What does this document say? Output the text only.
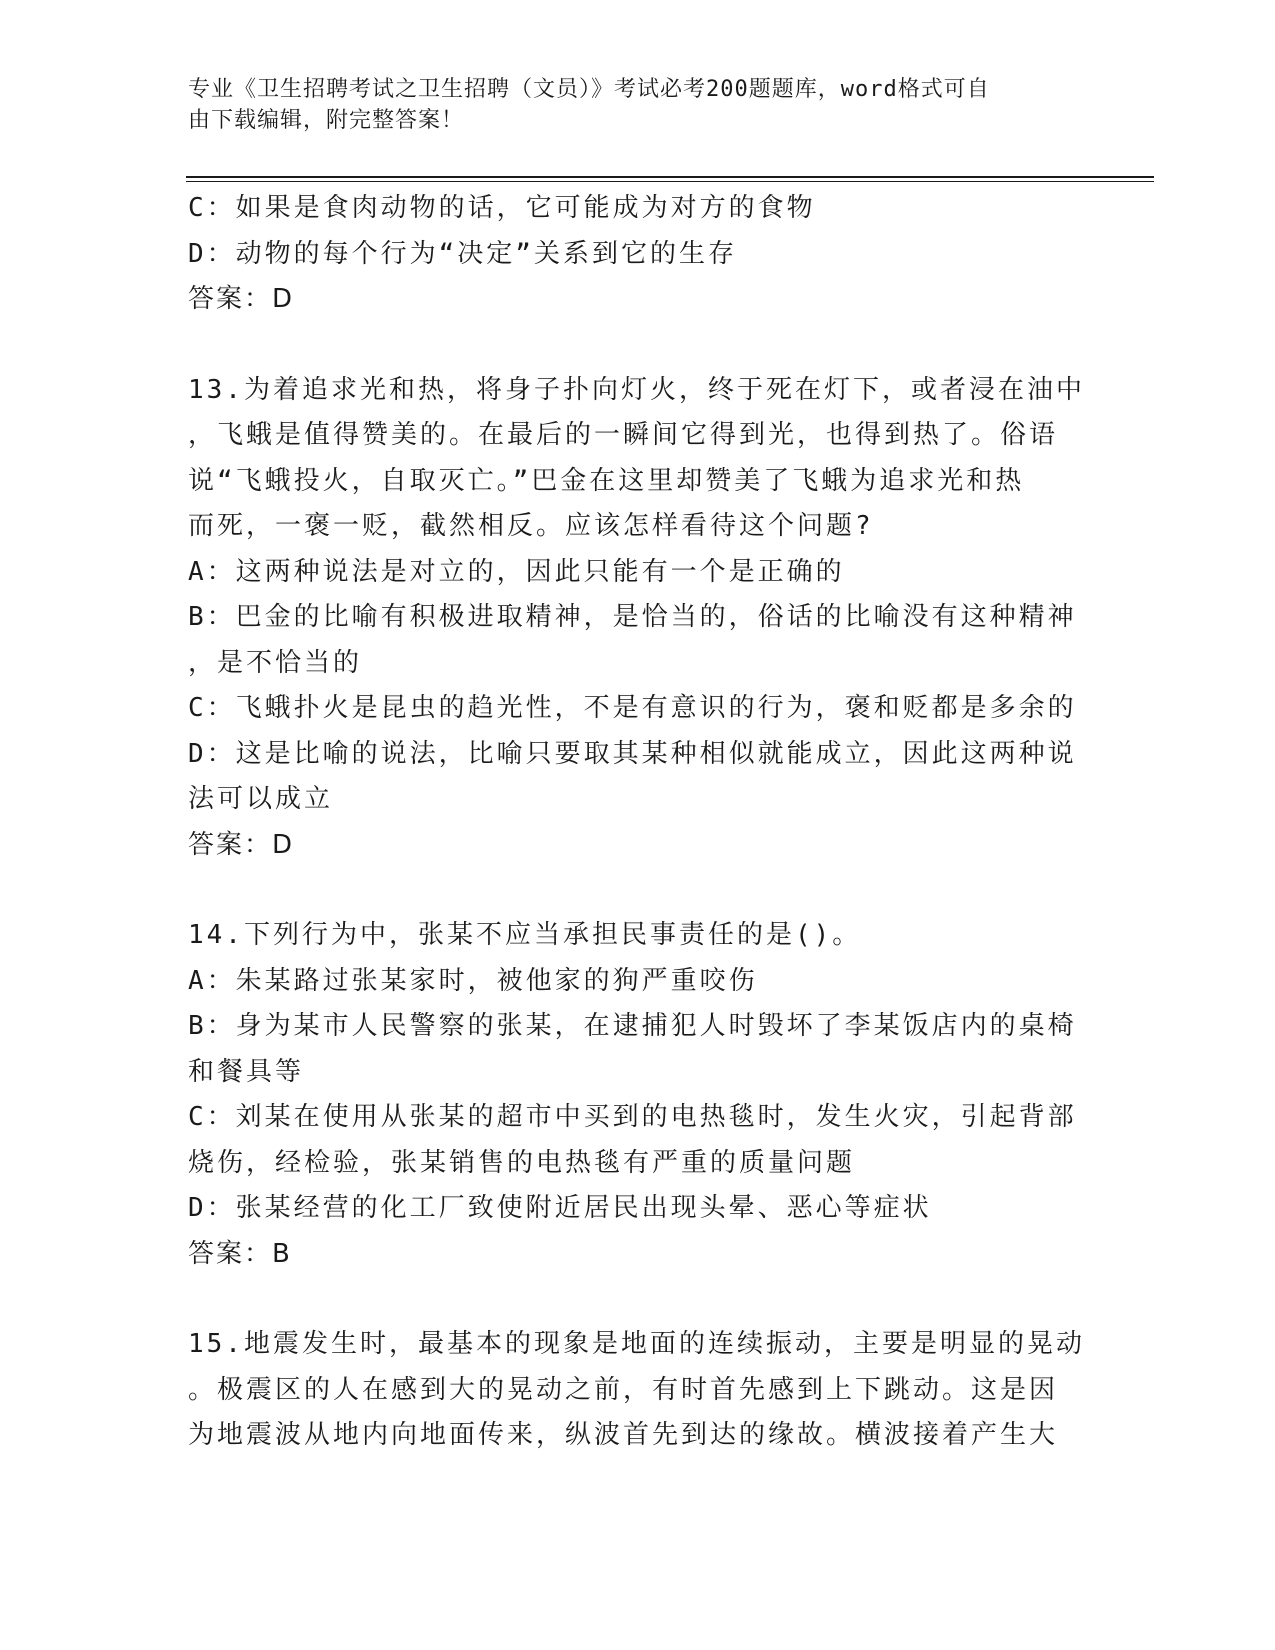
专业《卫生招聘考试之卫生招聘（文员）》考试必考200题题库，word格式可自
由下载编辑，附完整答案！
C：如果是食肉动物的话，它可能成为对方的食物
D：动物的每个行为“决定”关系到它的生存
答案：D
13.为着追求光和热，将身子扑向灯火，终于死在灯下，或者浸在油中
，飞蛾是值得赞美的。在最后的一瞬间它得到光，也得到热了。俗语
说“飞蛾投火，自取灭亡。”巴金在这里却赞美了飞蛾为追求光和热
而死，一褒一贬，截然相反。应该怎样看待这个问题?
A：这两种说法是对立的，因此只能有一个是正确的
B：巴金的比喻有积极进取精神，是恰当的，俗话的比喻没有这种精神
，是不恰当的
C：飞蛾扑火是昆虫的趋光性，不是有意识的行为，褒和贬都是多余的
D：这是比喻的说法，比喻只要取其某种相似就能成立，因此这两种说
法可以成立
答案：D
14.下列行为中，张某不应当承担民事责任的是()。
A：朱某路过张某家时，被他家的狗严重咬伤
B：身为某市人民警察的张某，在逮捕犯人时毁坏了李某饭店内的桌椅
和餐具等
C：刘某在使用从张某的超市中买到的电热毯时，发生火灾，引起背部
烧伤，经检验，张某销售的电热毯有严重的质量问题
D：张某经营的化工厂致使附近居民出现头晕、恶心等症状
答案：B
15.地震发生时，最基本的现象是地面的连续振动，主要是明显的晃动
。极震区的人在感到大的晃动之前，有时首先感到上下跳动。这是因
为地震波从地内向地面传来，纵波首先到达的缘故。横波接着产生大
